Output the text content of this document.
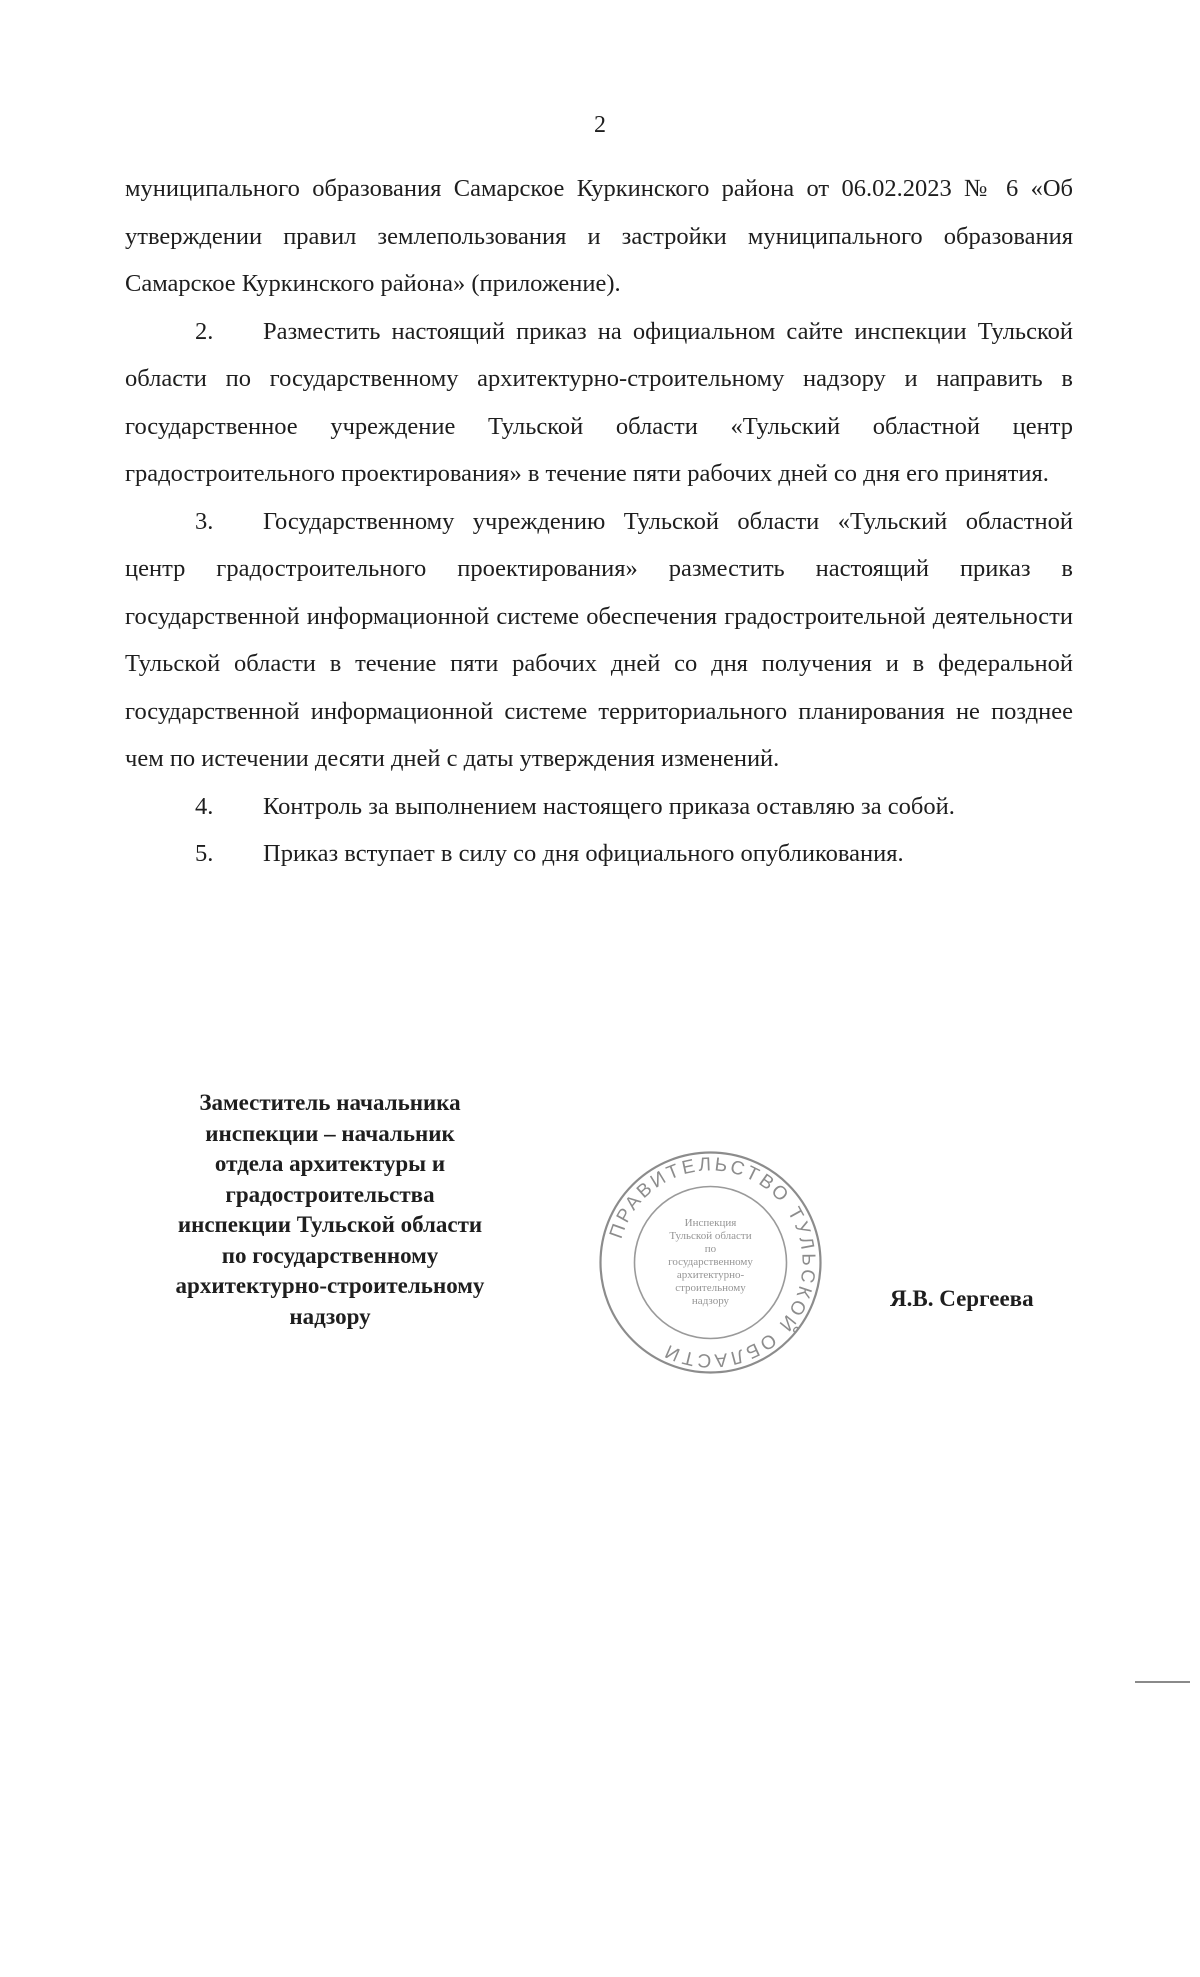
2

муниципального образования Самарское Куркинского района от 06.02.2023 № 6 «Об утверждении правил землепользования и застройки муниципального образования Самарское Куркинского района» (приложение).

2. Разместить настоящий приказ на официальном сайте инспекции Тульской области по государственному архитектурно-строительному надзору и направить в государственное учреждение Тульской области «Тульский областной центр градостроительного проектирования» в течение пяти рабочих дней со дня его принятия.

3. Государственному учреждению Тульской области «Тульский областной центр градостроительного проектирования» разместить настоящий приказ в государственной информационной системе обеспечения градостроительной деятельности Тульской области в течение пяти рабочих дней со дня получения и в федеральной государственной информационной системе территориального планирования не позднее чем по истечении десяти дней с даты утверждения изменений.

4. Контроль за выполнением настоящего приказа оставляю за собой.

5. Приказ вступает в силу со дня официального опубликования.

Заместитель начальника
инспекции – начальник
отдела архитектуры и
градостроительства
инспекции Тульской области
по государственному
архитектурно-строительному
надзору
ПРАВИТЕЛЬСТВО ТУЛЬСКОЙ ОБЛАСТИ
Инспекция
Тульской области
по
государственному
архитектурно-
строительному
надзору	Я.В. Сергеева
